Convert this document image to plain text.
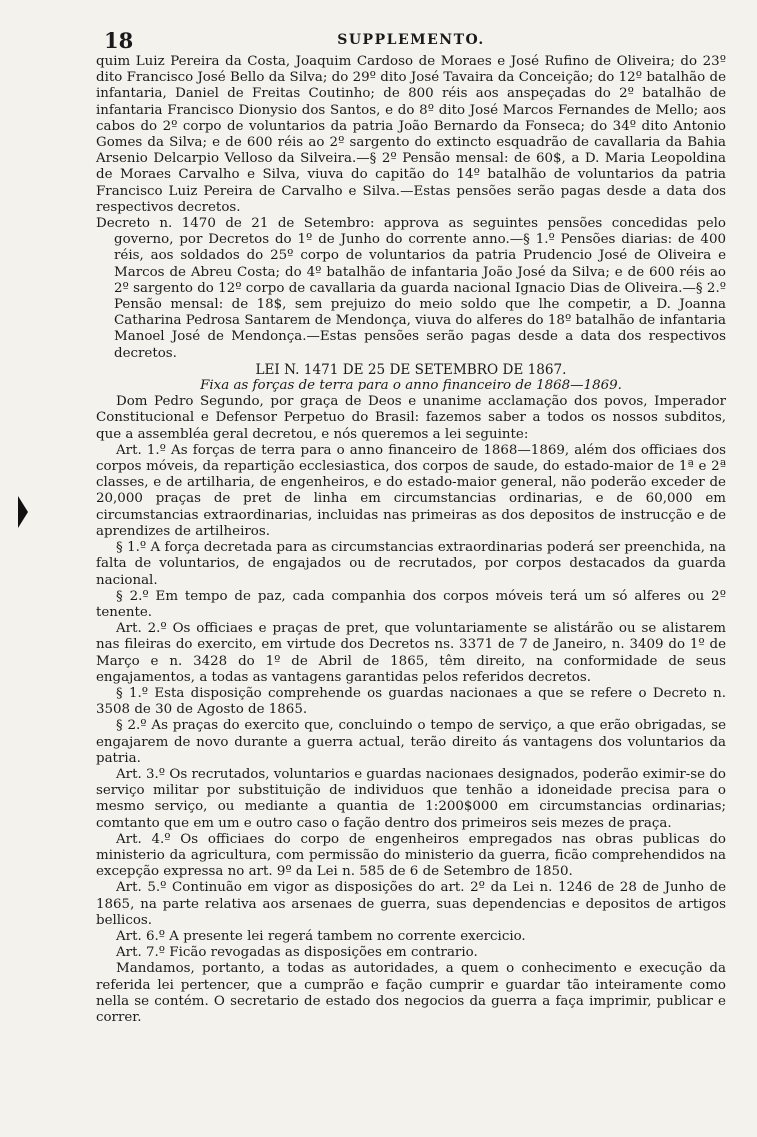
18	SUPPLEMENTO.

quim Luiz Pereira da Costa, Joaquim Cardoso de Moraes e José Rufino de Oliveira; do 23º dito Francisco José Bello da Silva; do 29º dito José Tavaira da Conceição; do 12º batalhão de infantaria, Daniel de Freitas Coutinho; de 800 réis aos anspeçadas do 2º batalhão de infantaria Francisco Dionysio dos Santos, e do 8º dito José Marcos Fernandes de Mello; aos cabos do 2º corpo de voluntarios da patria João Bernardo da Fonseca; do 34º dito Antonio Gomes da Silva; e de 600 réis ao 2º sargento do extincto esquadrão de cavallaria da Bahia Arsenio Delcarpio Velloso da Silveira.—§ 2º Pensão mensal: de 60$, a D. Maria Leopoldina de Moraes Carvalho e Silva, viuva do capitão do 14º batalhão de voluntarios da patria Francisco Luiz Pereira de Carvalho e Silva.—Estas pensões serão pagas desde a data dos respectivos decretos.

Decreto n. 1470 de 21 de Setembro: approva as seguintes pensões concedidas pelo governo, por Decretos do 1º de Junho do corrente anno.—§ 1.º Pensões diarias: de 400 réis, aos soldados do 25º corpo de voluntarios da patria Prudencio José de Oliveira e Marcos de Abreu Costa; do 4º batalhão de infantaria João José da Silva; e de 600 réis ao 2º sargento do 12º corpo de cavallaria da guarda nacional Ignacio Dias de Oliveira.—§ 2.º Pensão mensal: de 18$, sem prejuizo do meio soldo que lhe competir, a D. Joanna Catharina Pedrosa Santarem de Mendonça, viuva do alferes do 18º batalhão de infantaria Manoel José de Mendonça.—Estas pensões serão pagas desde a data dos respectivos decretos.

LEI N. 1471 DE 25 DE SETEMBRO DE 1867.

Fixa as forças de terra para o anno financeiro de 1868—1869.

Dom Pedro Segundo, por graça de Deos e unanime acclamação dos povos, Imperador Constitucional e Defensor Perpetuo do Brasil: fazemos saber a todos os nossos subditos, que a assembléa geral decretou, e nós queremos a lei seguinte:

Art. 1.º As forças de terra para o anno financeiro de 1868—1869, além dos officiaes dos corpos móveis, da repartição ecclesiastica, dos corpos de saude, do estado-maior de 1ª e 2ª classes, e de artilharia, de engenheiros, e do estado-maior general, não poderão exceder de 20,000 praças de pret de linha em circumstancias ordinarias, e de 60,000 em circumstancias extraordinarias, incluidas nas primeiras as dos depositos de instrucção e de aprendizes de artilheiros.

§ 1.º A força decretada para as circumstancias extraordinarias poderá ser preenchida, na falta de voluntarios, de engajados ou de recrutados, por corpos destacados da guarda nacional.

§ 2.º Em tempo de paz, cada companhia dos corpos móveis terá um só alferes ou 2º tenente.

Art. 2.º Os officiaes e praças de pret, que voluntariamente se alistárão ou se alistarem nas fileiras do exercito, em virtude dos Decretos ns. 3371 de 7 de Janeiro, n. 3409 do 1º de Março e n. 3428 do 1º de Abril de 1865, têm direito, na conformidade de seus engajamentos, a todas as vantagens garantidas pelos referidos decretos.

§ 1.º Esta disposição comprehende os guardas nacionaes a que se refere o Decreto n. 3508 de 30 de Agosto de 1865.

§ 2.º As praças do exercito que, concluindo o tempo de serviço, a que erão obrigadas, se engajarem de novo durante a guerra actual, terão direito ás vantagens dos voluntarios da patria.

Art. 3.º Os recrutados, voluntarios e guardas nacionaes designados, poderão eximir-se do serviço militar por substituição de individuos que tenhão a idoneidade precisa para o mesmo serviço, ou mediante a quantia de 1:200$000 em circumstancias ordinarias; comtanto que em um e outro caso o fação dentro dos primeiros seis mezes de praça.

Art. 4.º Os officiaes do corpo de engenheiros empregados nas obras publicas do ministerio da agricultura, com permissão do ministerio da guerra, ficão comprehendidos na excepção expressa no art. 9º da Lei n. 585 de 6 de Setembro de 1850.

Art. 5.º Continuão em vigor as disposições do art. 2º da Lei n. 1246 de 28 de Junho de 1865, na parte relativa aos arsenaes de guerra, suas dependencias e depositos de artigos bellicos.

Art. 6.º A presente lei regerá tambem no corrente exercicio.

Art. 7.º Ficão revogadas as disposições em contrario.

Mandamos, portanto, a todas as autoridades, a quem o conhecimento e execução da referida lei pertencer, que a cumprão e fação cumprir e guardar tão inteiramente como nella se contém. O secretario de estado dos negocios da guerra a faça imprimir, publicar e correr.
